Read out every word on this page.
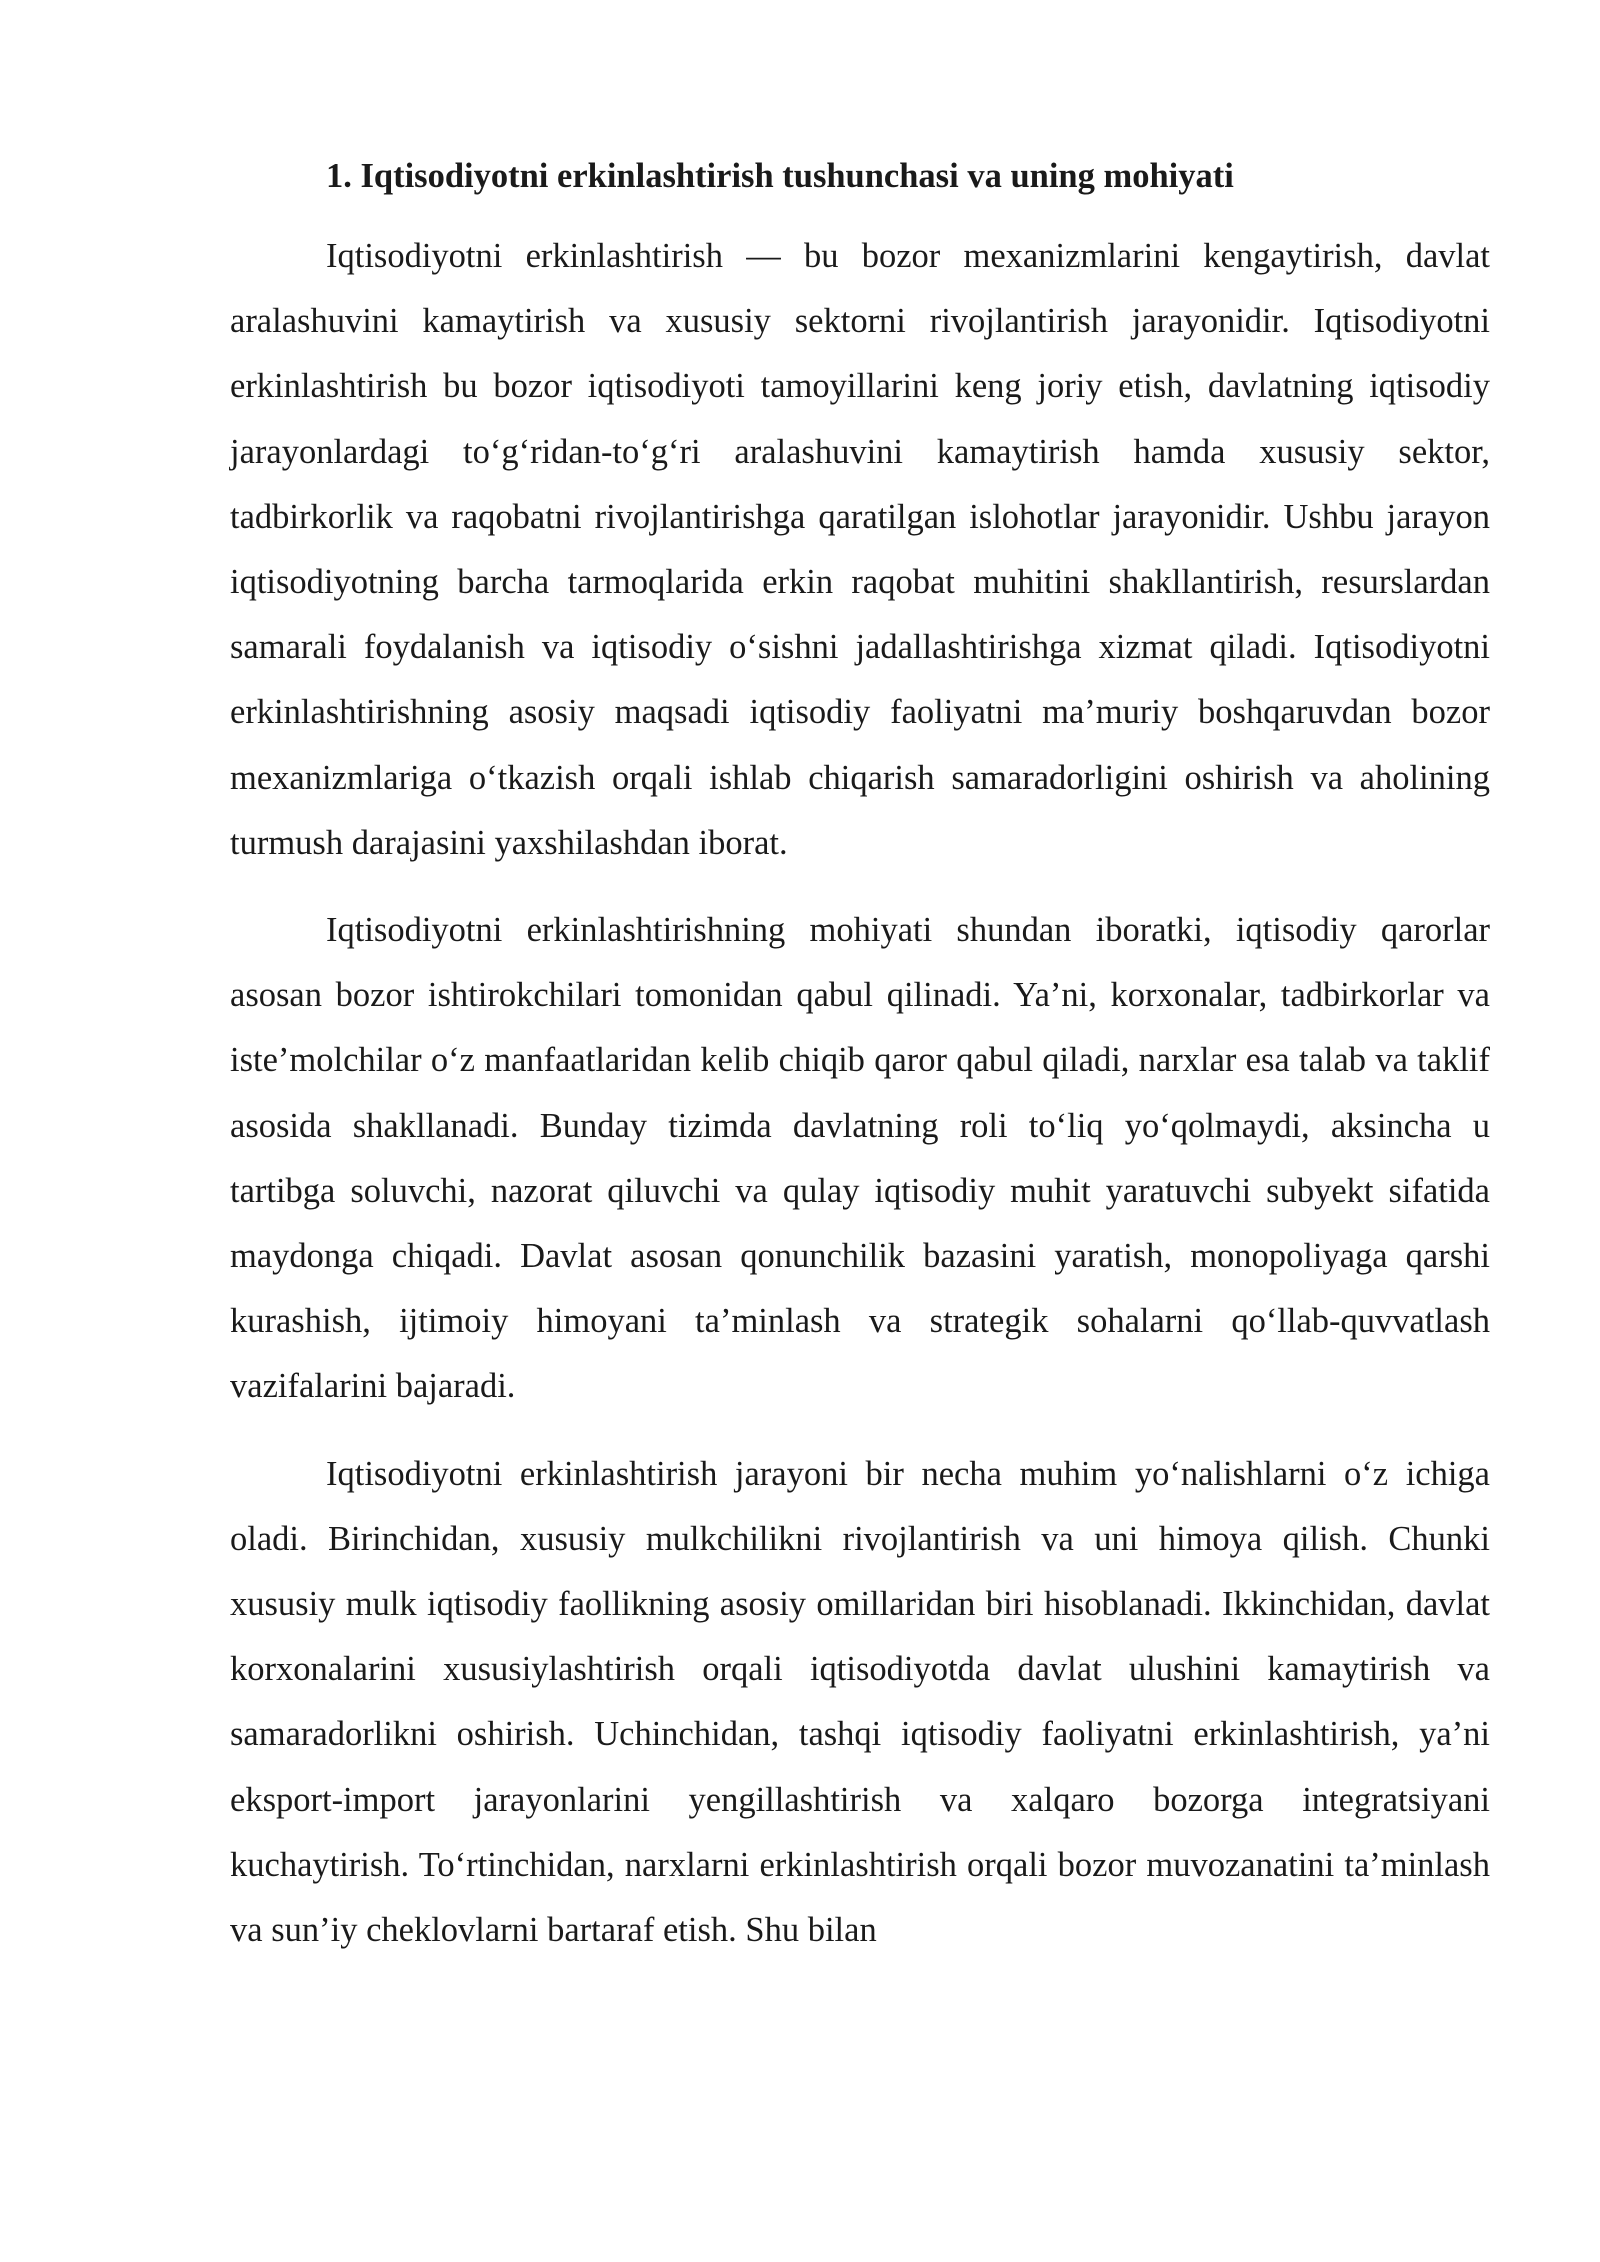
1. Iqtisodiyotni erkinlashtirish tushunchasi va uning mohiyati

Iqtisodiyotni erkinlashtirish — bu bozor mexanizmlarini kengaytirish, davlat aralashuvini kamaytirish va xususiy sektorni rivojlantirish jarayonidir. Iqtisodiyotni erkinlashtirish bu bozor iqtisodiyoti tamoyillarini keng joriy etish, davlatning iqtisodiy jarayonlardagi to‘g‘ridan-to‘g‘ri aralashuvini kamaytirish hamda xususiy sektor, tadbirkorlik va raqobatni rivojlantirishga qaratilgan islohotlar jarayonidir. Ushbu jarayon iqtisodiyotning barcha tarmoqlarida erkin raqobat muhitini shakllantirish, resurslardan samarali foydalanish va iqtisodiy o‘sishni jadallashtirishga xizmat qiladi. Iqtisodiyotni erkinlashtirishning asosiy maqsadi iqtisodiy faoliyatni ma’muriy boshqaruvdan bozor mexanizmlariga o‘tkazish orqali ishlab chiqarish samaradorligini oshirish va aholining turmush darajasini yaxshilashdan iborat.

Iqtisodiyotni erkinlashtirishning mohiyati shundan iboratki, iqtisodiy qarorlar asosan bozor ishtirokchilari tomonidan qabul qilinadi. Ya’ni, korxonalar, tadbirkorlar va iste’molchilar o‘z manfaatlaridan kelib chiqib qaror qabul qiladi, narxlar esa talab va taklif asosida shakllanadi. Bunday tizimda davlatning roli to‘liq yo‘qolmaydi, aksincha u tartibga soluvchi, nazorat qiluvchi va qulay iqtisodiy muhit yaratuvchi subyekt sifatida maydonga chiqadi. Davlat asosan qonunchilik bazasini yaratish, monopoliyaga qarshi kurashish, ijtimoiy himoyani ta’minlash va strategik sohalarni qo‘llab-quvvatlash vazifalarini bajaradi.

Iqtisodiyotni erkinlashtirish jarayoni bir necha muhim yo‘nalishlarni o‘z ichiga oladi. Birinchidan, xususiy mulkchilikni rivojlantirish va uni himoya qilish. Chunki xususiy mulk iqtisodiy faollikning asosiy omillaridan biri hisoblanadi. Ikkinchidan, davlat korxonalarini xususiylashtirish orqali iqtisodiyotda davlat ulushini kamaytirish va samaradorlikni oshirish. Uchinchidan, tashqi iqtisodiy faoliyatni erkinlashtirish, ya’ni eksport-import jarayonlarini yengillashtirish va xalqaro bozorga integratsiyani kuchaytirish. To‘rtinchidan, narxlarni erkinlashtirish orqali bozor muvozanatini ta’minlash va sun’iy cheklovlarni bartaraf etish. Shu bilan
